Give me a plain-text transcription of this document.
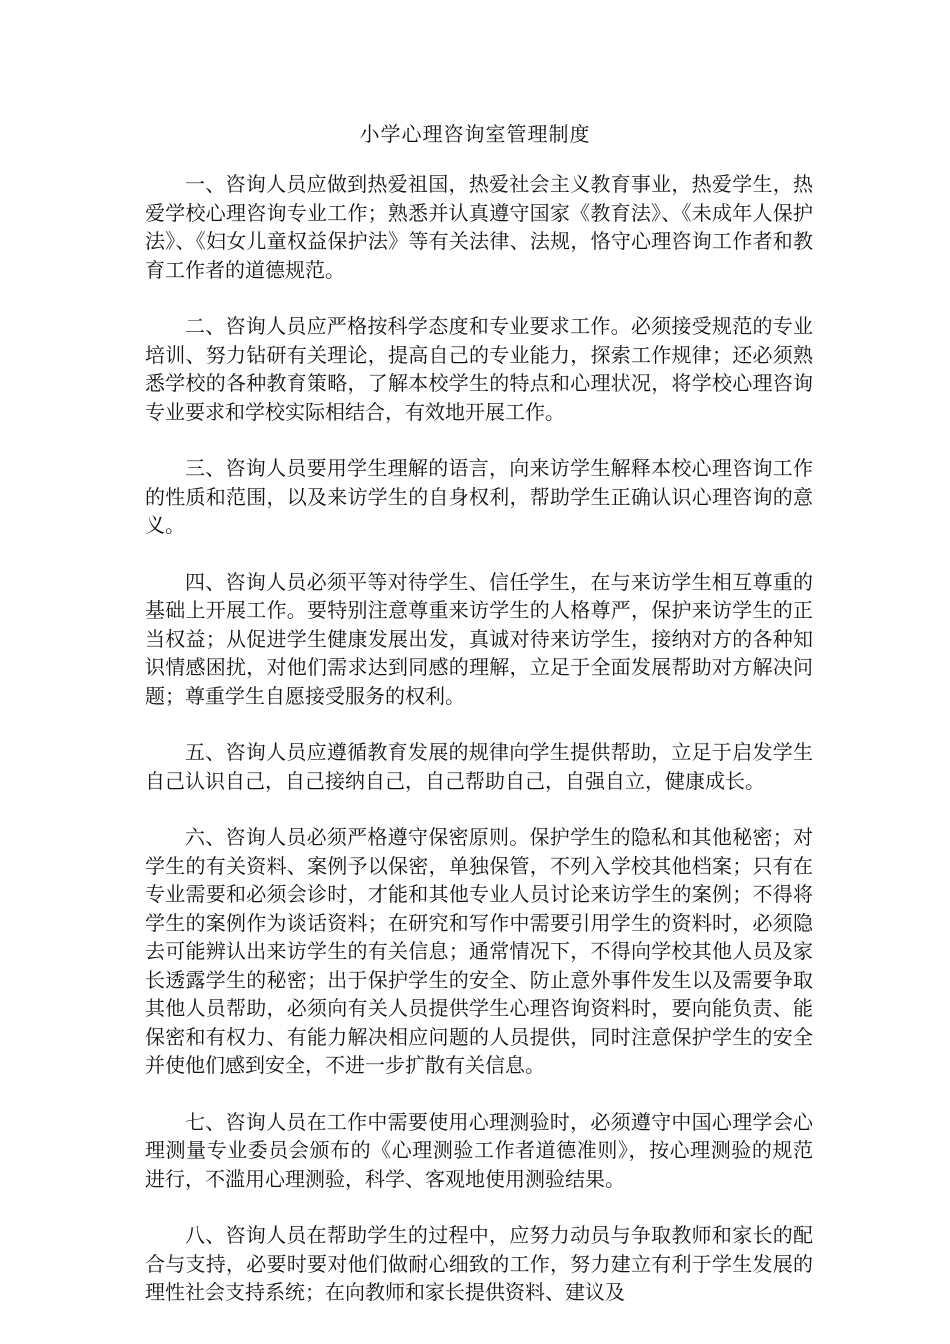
小学心理咨询室管理制度

一、咨询人员应做到热爱祖国，热爱社会主义教育事业，热爱学生，热爱学校心理咨询专业工作；熟悉并认真遵守国家《教育法》、《未成年人保护法》、《妇女儿童权益保护法》等有关法律、法规，恪守心理咨询工作者和教育工作者的道德规范。

二、咨询人员应严格按科学态度和专业要求工作。必须接受规范的专业培训、努力钻研有关理论，提高自己的专业能力，探索工作规律；还必须熟悉学校的各种教育策略，了解本校学生的特点和心理状况，将学校心理咨询专业要求和学校实际相结合，有效地开展工作。

三、咨询人员要用学生理解的语言，向来访学生解释本校心理咨询工作的性质和范围，以及来访学生的自身权利，帮助学生正确认识心理咨询的意义。

四、咨询人员必须平等对待学生、信任学生，在与来访学生相互尊重的基础上开展工作。要特别注意尊重来访学生的人格尊严，保护来访学生的正当权益；从促进学生健康发展出发，真诚对待来访学生，接纳对方的各种知识情感困扰，对他们需求达到同感的理解，立足于全面发展帮助对方解决问题；尊重学生自愿接受服务的权利。

五、咨询人员应遵循教育发展的规律向学生提供帮助，立足于启发学生自己认识自己，自己接纳自己，自己帮助自己，自强自立，健康成长。

六、咨询人员必须严格遵守保密原则。保护学生的隐私和其他秘密；对学生的有关资料、案例予以保密，单独保管，不列入学校其他档案；只有在专业需要和必须会诊时，才能和其他专业人员讨论来访学生的案例；不得将学生的案例作为谈话资料；在研究和写作中需要引用学生的资料时，必须隐去可能辨认出来访学生的有关信息；通常情况下，不得向学校其他人员及家长透露学生的秘密；出于保护学生的安全、防止意外事件发生以及需要争取其他人员帮助，必须向有关人员提供学生心理咨询资料时，要向能负责、能保密和有权力、有能力解决相应问题的人员提供，同时注意保护学生的安全并使他们感到安全，不进一步扩散有关信息。

七、咨询人员在工作中需要使用心理测验时，必须遵守中国心理学会心理测量专业委员会颁布的《心理测验工作者道德准则》，按心理测验的规范进行，不滥用心理测验，科学、客观地使用测验结果。

八、咨询人员在帮助学生的过程中，应努力动员与争取教师和家长的配合与支持，必要时要对他们做耐心细致的工作，努力建立有利于学生发展的理性社会支持系统；在向教师和家长提供资料、建议及
